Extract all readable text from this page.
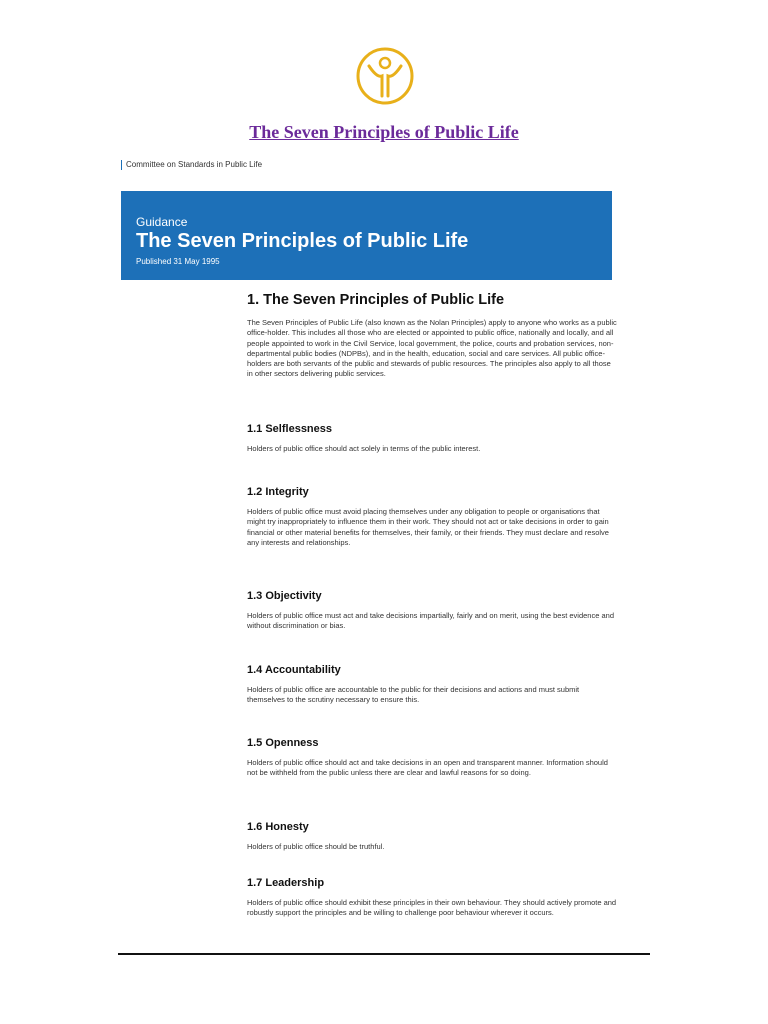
The Seven Principles of Public Life
Committee on Standards in Public Life
Guidance
The Seven Principles of Public Life
Published 31 May 1995
1. The Seven Principles of Public Life

The Seven Principles of Public Life (also known as the Nolan Principles) apply to anyone who works as a public office-holder. This includes all those who are elected or appointed to public office, nationally and locally, and all people appointed to work in the Civil Service, local government, the police, courts and probation services, non-departmental public bodies (NDPBs), and in the health, education, social and care services. All public office-holders are both servants of the public and stewards of public resources. The principles also apply to all those in other sectors delivering public services.

1.1 Selflessness
Holders of public office should act solely in terms of the public interest.
1.2 Integrity
Holders of public office must avoid placing themselves under any obligation to people or organisations that might try inappropriately to influence them in their work. They should not act or take decisions in order to gain financial or other material benefits for themselves, their family, or their friends. They must declare and resolve any interests and relationships.
1.3 Objectivity
Holders of public office must act and take decisions impartially, fairly and on merit, using the best evidence and without discrimination or bias.
1.4 Accountability
Holders of public office are accountable to the public for their decisions and actions and must submit themselves to the scrutiny necessary to ensure this.
1.5 Openness
Holders of public office should act and take decisions in an open and transparent manner. Information should not be withheld from the public unless there are clear and lawful reasons for so doing.
1.6 Honesty
Holders of public office should be truthful.
1.7 Leadership
Holders of public office should exhibit these principles in their own behaviour. They should actively promote and robustly support the principles and be willing to challenge poor behaviour wherever it occurs.
